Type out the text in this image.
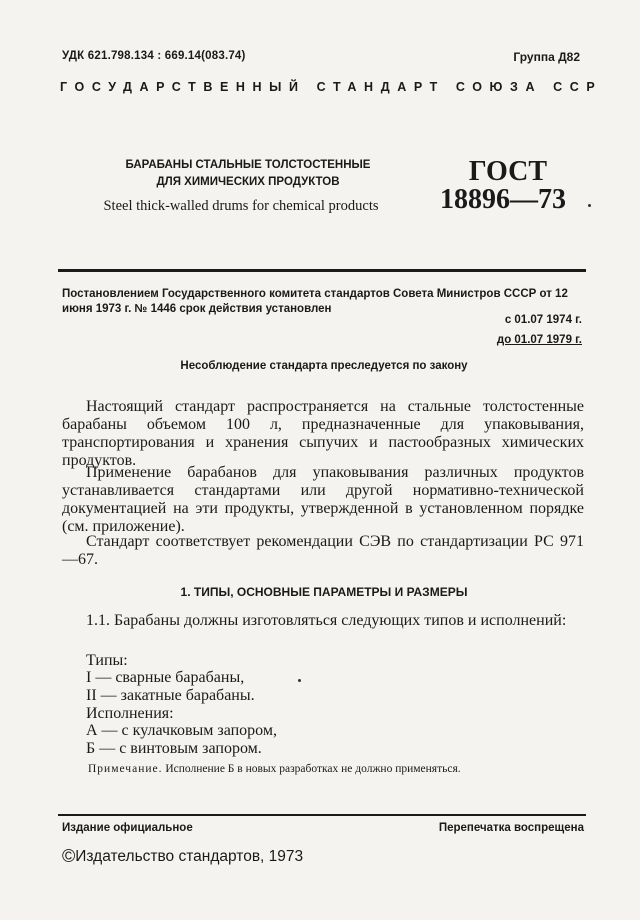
УДК 621.798.134 : 669.14(083.74)	Группа Д82
ГОСУДАРСТВЕННЫЙ СТАНДАРТ СОЮЗА ССР
БАРАБАНЫ СТАЛЬНЫЕ ТОЛСТОСТЕННЫЕ
ДЛЯ ХИМИЧЕСКИХ ПРОДУКТОВ
Steel thick-walled drums for chemical products
ГОСТ
18896—73
Постановлением Государственного комитета стандартов Совета Министров СССР от 12 июня 1973 г. № 1446 срок действия установлен
с 01.07 1974 г.
до 01.07 1979 г.
Несоблюдение стандарта преследуется по закону
Настоящий стандарт распространяется на стальные толстостенные барабаны объемом 100 л, предназначенные для упаковывания, транспортирования и хранения сыпучих и пастообразных химических продуктов.
Применение барабанов для упаковывания различных продуктов устанавливается стандартами или другой нормативно-технической документацией на эти продукты, утвержденной в установленном порядке (см. приложение).
Стандарт соответствует рекомендации СЭВ по стандартизации РС 971—67.
1. ТИПЫ, ОСНОВНЫЕ ПАРАМЕТРЫ И РАЗМЕРЫ
1.1. Барабаны должны изготовляться следующих типов и исполнений:
Типы:
I — сварные барабаны,
II — закатные барабаны.
Исполнения:
А — с кулачковым запором,
Б — с винтовым запором.
Примечание. Исполнение Б в новых разработках не должно применяться.
Издание официальное	Перепечатка воспрещена
©Издательство стандартов, 1973
